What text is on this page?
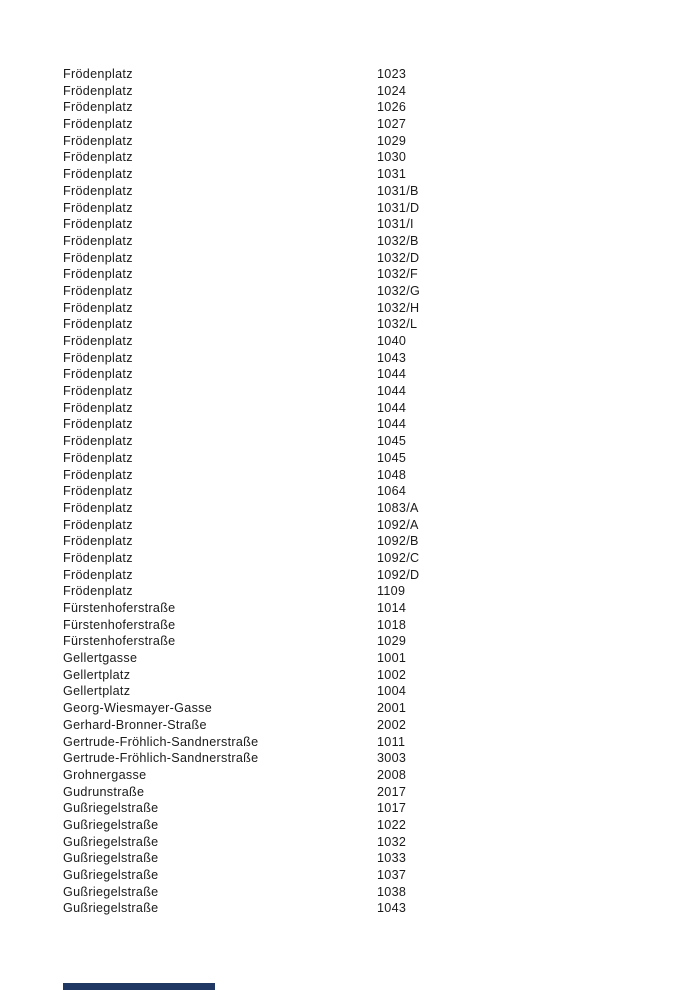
Frödenplatz	1023
Frödenplatz	1024
Frödenplatz	1026
Frödenplatz	1027
Frödenplatz	1029
Frödenplatz	1030
Frödenplatz	1031
Frödenplatz	1031/B
Frödenplatz	1031/D
Frödenplatz	1031/I
Frödenplatz	1032/B
Frödenplatz	1032/D
Frödenplatz	1032/F
Frödenplatz	1032/G
Frödenplatz	1032/H
Frödenplatz	1032/L
Frödenplatz	1040
Frödenplatz	1043
Frödenplatz	1044
Frödenplatz	1044
Frödenplatz	1044
Frödenplatz	1044
Frödenplatz	1045
Frödenplatz	1045
Frödenplatz	1048
Frödenplatz	1064
Frödenplatz	1083/A
Frödenplatz	1092/A
Frödenplatz	1092/B
Frödenplatz	1092/C
Frödenplatz	1092/D
Frödenplatz	1109
Fürstenhoferstraße	1014
Fürstenhoferstraße	1018
Fürstenhoferstraße	1029
Gellertgasse	1001
Gellertplatz	1002
Gellertplatz	1004
Georg-Wiesmayer-Gasse	2001
Gerhard-Bronner-Straße	2002
Gertrude-Fröhlich-Sandnerstraße	1011
Gertrude-Fröhlich-Sandnerstraße	3003
Grohnergasse	2008
Gudrunstraße	2017
Gußriegelstraße	1017
Gußriegelstraße	1022
Gußriegelstraße	1032
Gußriegelstraße	1033
Gußriegelstraße	1037
Gußriegelstraße	1038
Gußriegelstraße	1043
